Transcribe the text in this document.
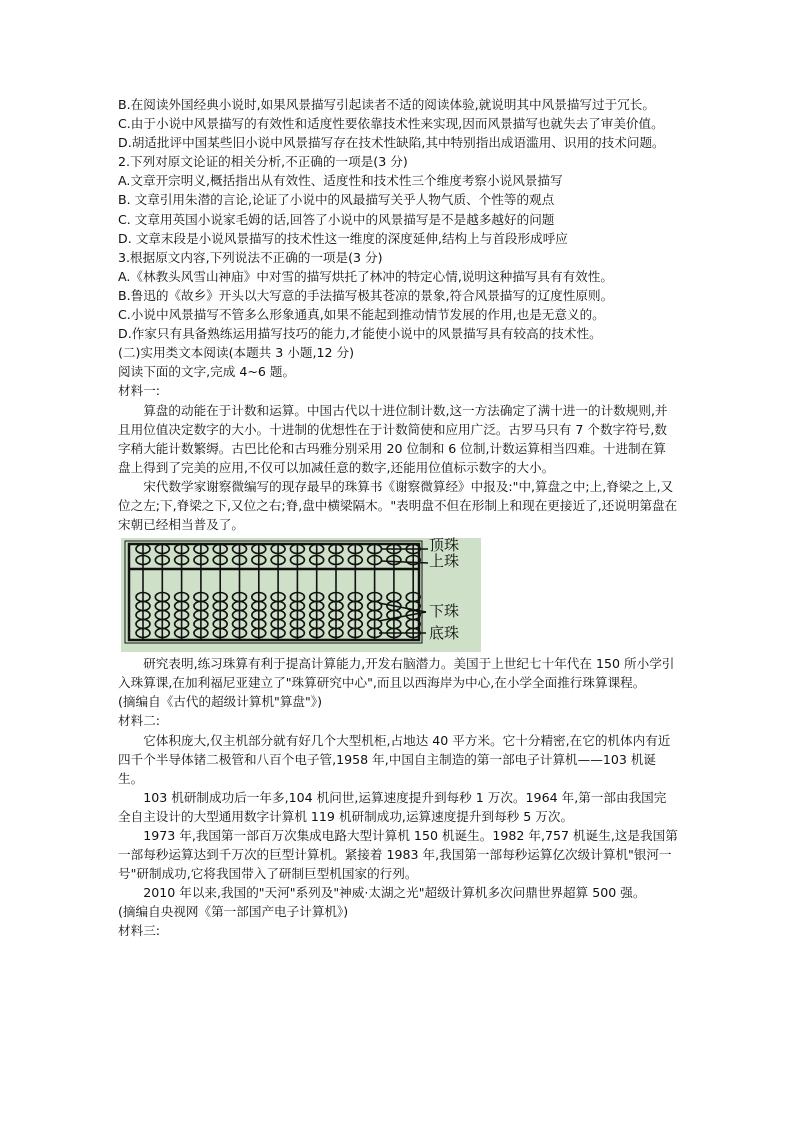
B.在阅读外国经典小说时,如果风景描写引起读者不适的阅读体验,就说明其中风景描写过于冗长。

C.由于小说中风景描写的有效性和适度性要依靠技术性来实现,因而风景描写也就失去了审美价值。

D.胡适批评中国某些旧小说中风景描写存在技术性缺陷,其中特别指出成语滥用、识用的技术问题。

2.下列对原文论证的相关分析,不正确的一项是(3 分)

A.文章开宗明义,概括指出从有效性、适度性和技术性三个维度考察小说风景描写

B. 文章引用朱潜的言论,论证了小说中的风最描写关乎人物气质、个性等的观点

C. 文章用英国小说家毛姆的话,回答了小说中的风景描写是不是越多越好的问题

D. 文章末段是小说风景描写的技术性这一维度的深度延伸,结构上与首段形成呼应

3.根据原文内容,下列说法不正确的一项是(3 分)

A.《林教头风雪山神庙》中对雪的描写烘托了林冲的特定心情,说明这种描写具有有效性。

B.鲁迅的《故乡》开头以大写意的手法描写极其苍凉的景象,符合风景描写的辽度性原则。

C.小说中风景描写不管多么形象通真,如果不能起到推动情节发展的作用,也是无意义的。

D.作家只有具备熟练运用描写技巧的能力,才能使小说中的风景描写具有较高的技术性。

(二)实用类文本阅读(本题共 3 小题,12 分)

阅读下面的文字,完成 4~6 题。

材料一:

算盘的动能在于计数和运算。中国古代以十进位制计数,这一方法确定了满十进一的计数规则,并且用位值决定数字的大小。十进制的优想性在于计数简使和应用广泛。古罗马只有 7 个数字符号,数字稍大能计数繁缛。古巴比伦和古玛雅分别采用 20 位制和 6 位制,计数运算相当四难。十进制在算盘上得到了完美的应用,不仅可以加减任意的数字,还能用位值标示数字的大小。

宋代数学家谢察微编写的现存最早的珠算书《谢察微算经》中报及:"中,算盘之中;上,脊梁之上,又位之左;下,脊梁之下,又位之右;脊,盘中横梁隔木。"表明盘不但在形制上和现在更接近了,还说明第盘在宋朝已经相当普及了。

顶珠
上珠
下珠
底珠

研究表明,练习珠算有利于提高计算能力,开发右脑潜力。美国于上世纪七十年代在 150 所小学引入珠算课,在加利福尼亚建立了"珠算研究中心",而且以西海岸为中心,在小学全面推行珠算课程。

(摘编自《古代的超级计算机"算盘"》)

材料二:

它体积庞大,仅主机部分就有好几个大型机柜,占地达 40 平方米。它十分精密,在它的机体内有近四千个半导体锗二极管和八百个电子管,1958 年,中国自主制造的第一部电子计算机——103 机诞生。

103 机研制成功后一年多,104 机问世,运算速度提升到每秒 1 万次。1964 年,第一部由我国完全自主设计的大型通用数字计算机 119 机研制成功,运算速度提升到每秒 5 万次。

1973 年,我国第一部百万次集成电路大型计算机 150 机诞生。1982 年,757 机诞生,这是我国第一部每秒运算达到千万次的巨型计算机。紧接着 1983 年,我国第一部每秒运算亿次级计算机"银河一号"研制成功,它将我国带入了研制巨型机国家的行列。

2010 年以来,我国的"天河"系列及"神威·太湖之光"超级计算机多次问鼎世界超算 500 强。

(摘编自央视网《第一部国产电子计算机》)

材料三:
